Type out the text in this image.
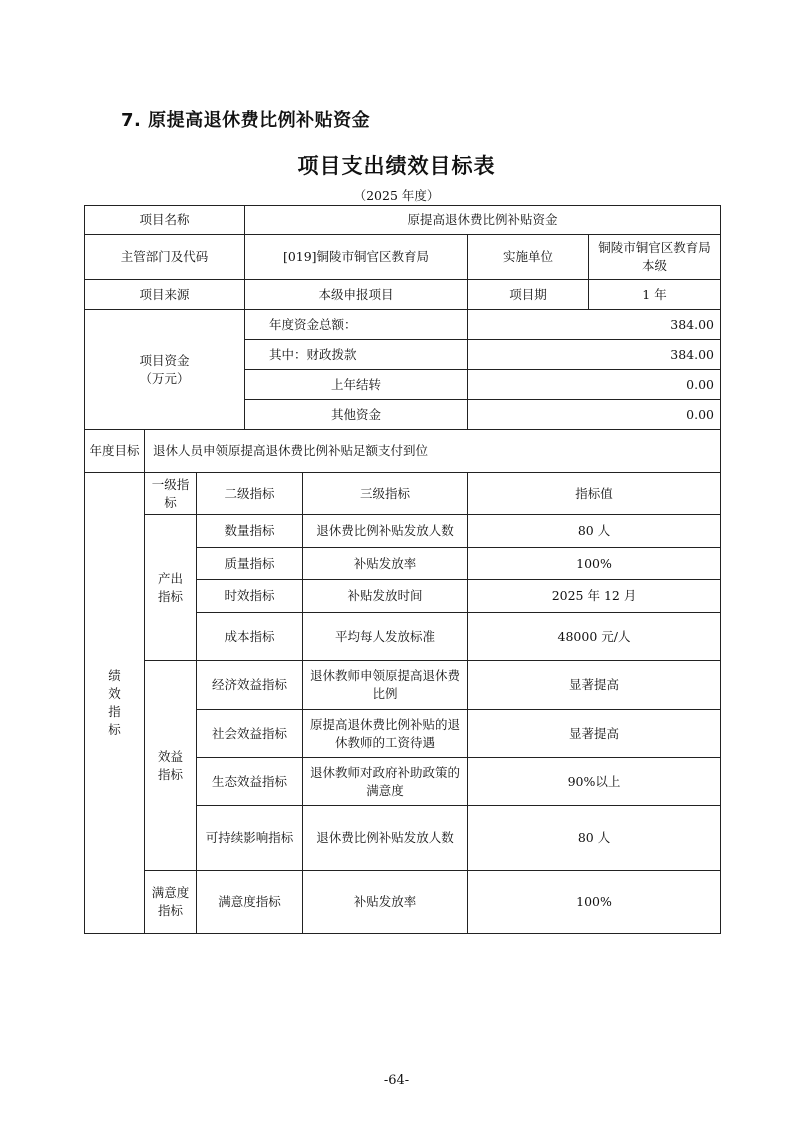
7. 原提高退休费比例补贴资金
项目支出绩效目标表
（2025 年度）
项目名称			原提高退休费比例补贴资金			
主管部门及代码			[019]铜陵市铜官区教育局		实施单位	铜陵市铜官区教育局本级
项目来源			本级申报项目		项目期	1 年

项目资金
（万元）			年度资金总额：		384.00	
			其中：财政拨款		384.00	
			上年结转		0.00	
			其他资金		0.00	
年度目标	退休人员申领原提高退休费比例补贴足额支付到位					
绩效指标	一级指标	二级指标		三级指标	指标值	
	产出指标	数量指标		退休费比例补贴发放人数	80 人	
		质量指标		补贴发放率	100%	
		时效指标		补贴发放时间	2025 年 12 月	
		成本指标		平均每人发放标准	48000 元/人	
	效益指标	经济效益指标		退休教师申领原提高退休费比例	显著提高	
		社会效益指标		原提高退休费比例补贴的退休教师的工资待遇	显著提高	
		生态效益指标		退休教师对政府补助政策的满意度	90%以上	
		可持续影响指标		退休费比例补贴发放人数	80 人	
	满意度指标	满意度指标		补贴发放率	100%	
-64-
